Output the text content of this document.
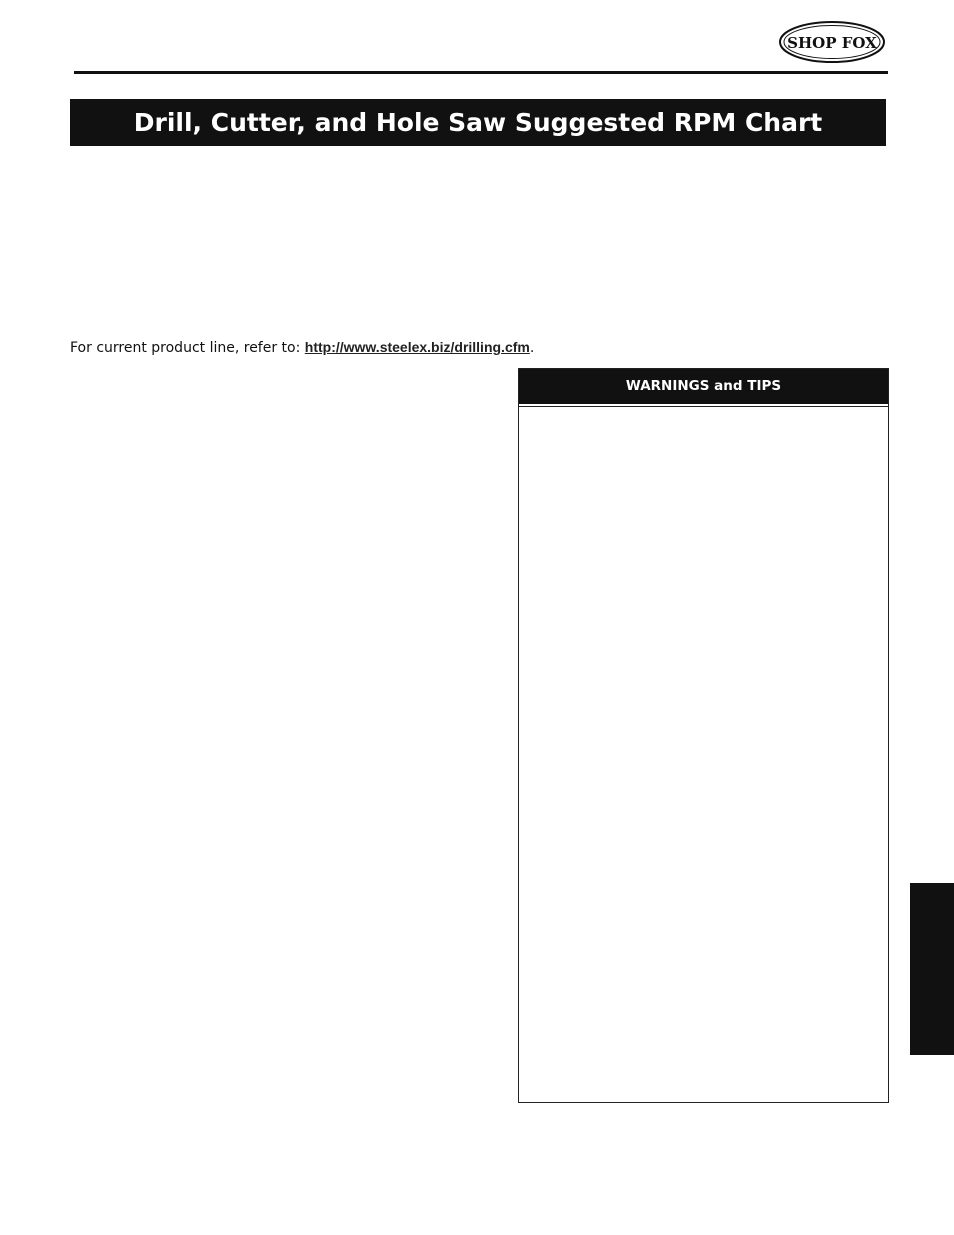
SHOP FOX
Drill, Cutter, and Hole Saw Suggested RPM Chart

For current product line, refer to: http://www.steelex.biz/drilling.cfm.

WARNINGS and TIPS
